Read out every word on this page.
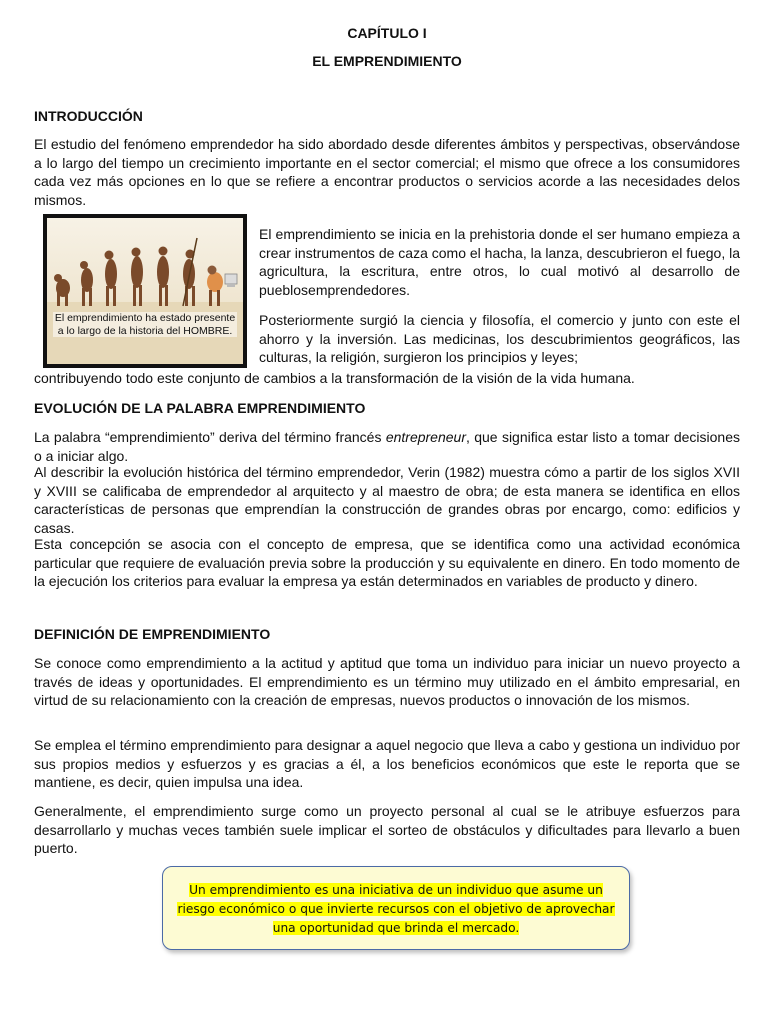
CAPÍTULO I
EL EMPRENDIMIENTO
INTRODUCCIÓN

El estudio del fenómeno emprendedor ha sido abordado desde diferentes ámbitos y perspectivas, observándose a lo largo del tiempo un crecimiento importante en el sector comercial; el mismo que ofrece a los consumidores cada vez más opciones en lo que se refiere a encontrar productos o servicios acorde a las necesidades delos mismos.

El emprendimiento ha estado presente a lo largo de la historia del HOMBRE.

El emprendimiento se inicia en la prehistoria donde el ser humano empieza a crear instrumentos de caza como el hacha, la lanza, descubrieron el fuego, la agricultura, la escritura, entre otros, lo cual motivó al desarrollo de pueblosemprendedores.

Posteriormente surgió la ciencia y filosofía, el comercio y junto con este el ahorro y la inversión. Las medicinas, los descubrimientos geográficos, las culturas, la religión, surgieron los principios y leyes;

contribuyendo todo este conjunto de cambios a la transformación de la visión de la vida humana.

EVOLUCIÓN DE LA PALABRA EMPRENDIMIENTO

La palabra “emprendimiento” deriva del término francés entrepreneur, que significa estar listo a tomar decisiones o a iniciar algo.

Al describir la evolución histórica del término emprendedor, Verin (1982) muestra cómo a partir de los siglos XVII y XVIII se calificaba de emprendedor al arquitecto y al maestro de obra; de esta manera se identifica en ellos características de personas que emprendían la construcción de grandes obras por encargo, como: edificios y casas.

Esta concepción se asocia con el concepto de empresa, que se identifica como una actividad económica particular que requiere de evaluación previa sobre la producción y su equivalente en dinero. En todo momento de la ejecución los criterios para evaluar la empresa ya están determinados en variables de producto y dinero.

DEFINICIÓN DE EMPRENDIMIENTO

Se conoce como emprendimiento a la actitud y aptitud que toma un individuo para iniciar un nuevo proyecto a través de ideas y oportunidades. El emprendimiento es un término muy utilizado en el ámbito empresarial, en virtud de su relacionamiento con la creación de empresas, nuevos productos o innovación de los mismos.

Se emplea el término emprendimiento para designar a aquel negocio que lleva a cabo y gestiona un individuo por sus propios medios y esfuerzos y es gracias a él, a los beneficios económicos que este le reporta que se mantiene, es decir, quien impulsa una idea.

Generalmente, el emprendimiento surge como un proyecto personal al cual se le atribuye esfuerzos para desarrollarlo y muchas veces también suele implicar el sorteo de obstáculos y dificultades para llevarlo a buen puerto.

Un emprendimiento es una iniciativa de un individuo que asume un
riesgo económico o que invierte recursos con el objetivo de aprovechar
una oportunidad que brinda el mercado.
